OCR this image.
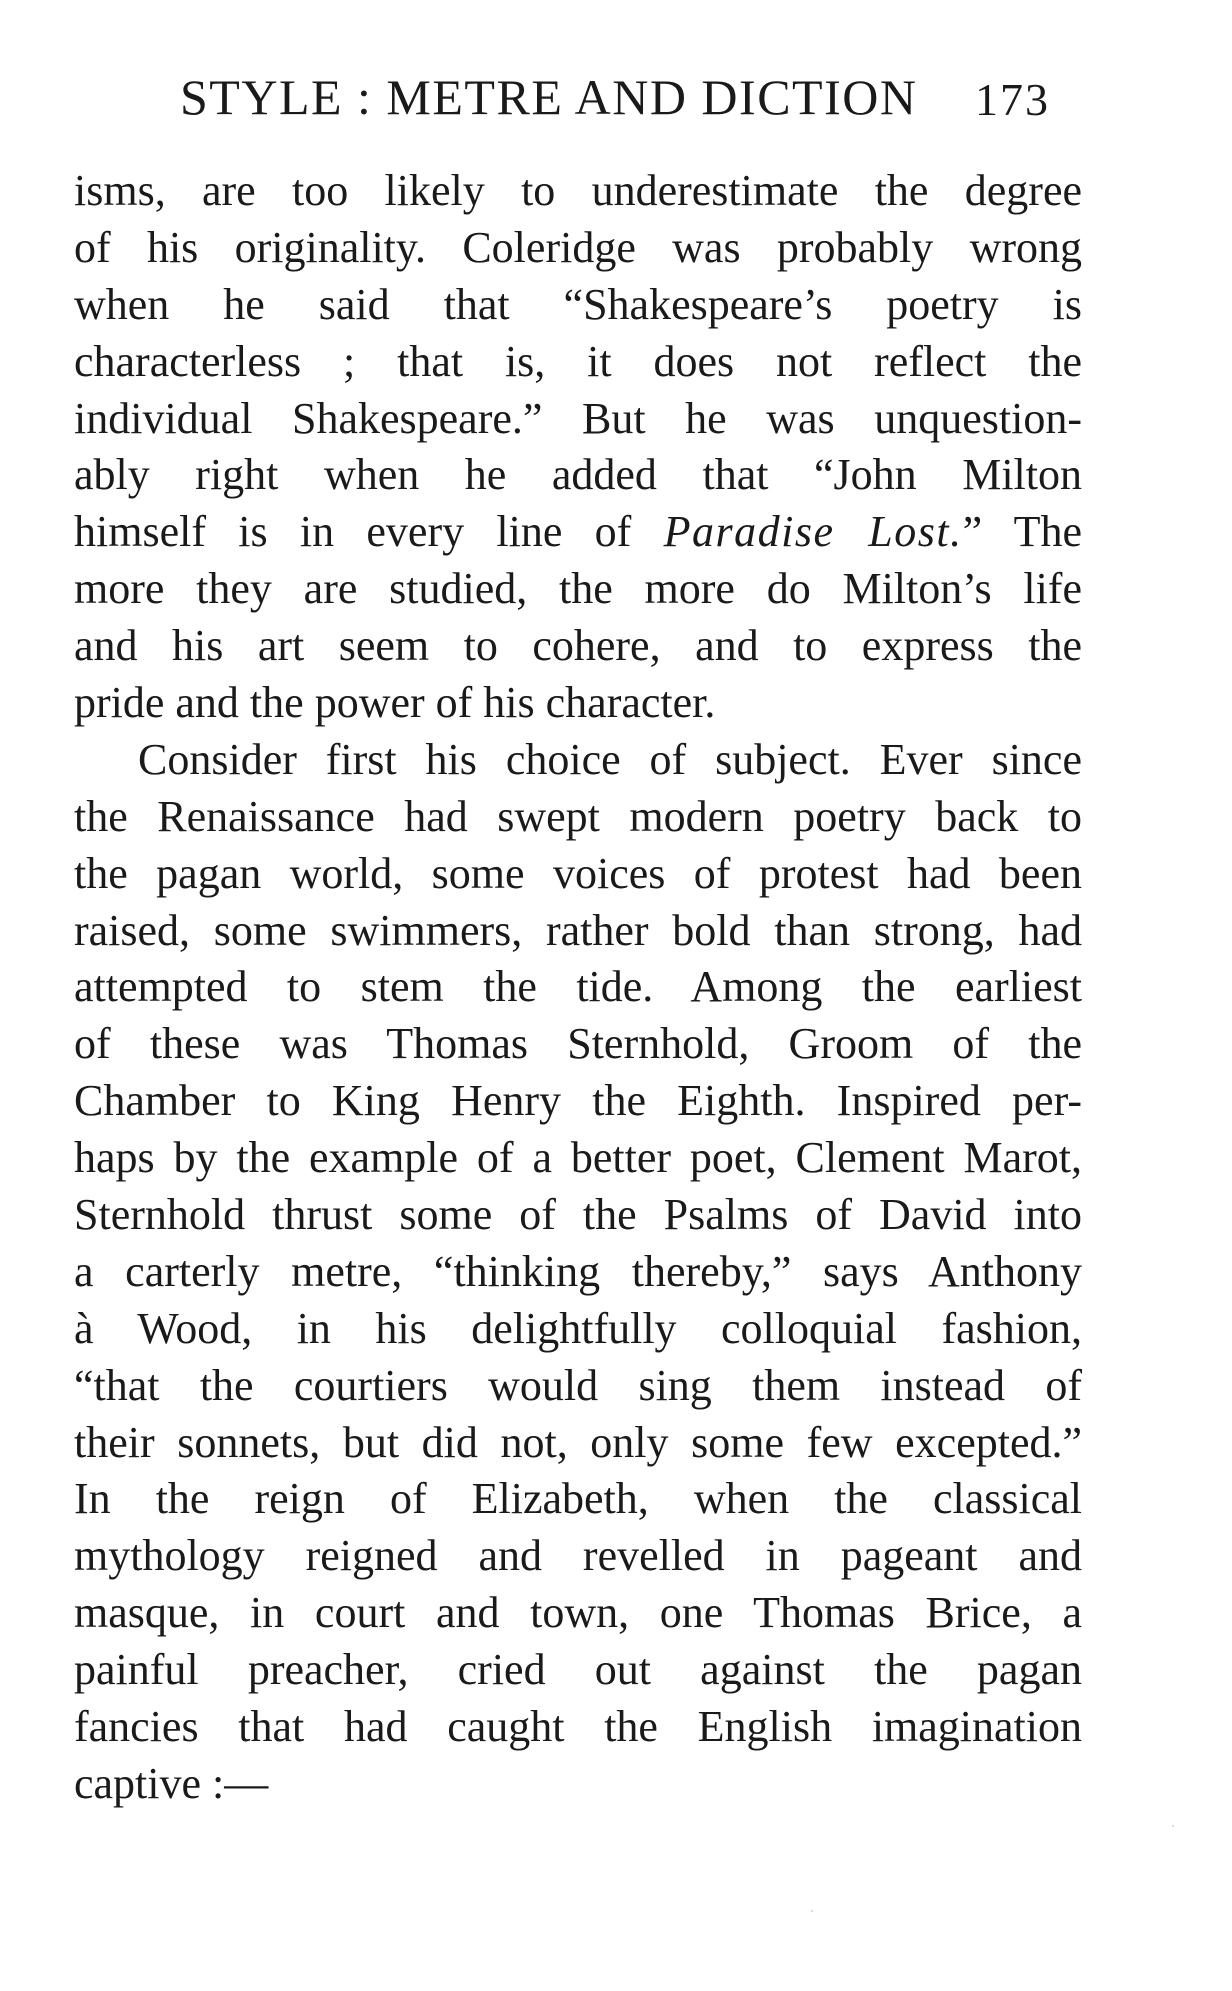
STYLE : METRE AND DICTION 173
isms, are too likely to underestimate the degree
of his originality. Coleridge was probably wrong
when he said that “Shakespeare’s poetry is
characterless ; that is, it does not reflect the
individual Shakespeare.” But he was unquestion-
ably right when he added that “John Milton
himself is in every line of Paradise Lost.” The
more they are studied, the more do Milton’s life
and his art seem to cohere, and to express the
pride and the power of his character.
Consider first his choice of subject. Ever since
the Renaissance had swept modern poetry back to
the pagan world, some voices of protest had been
raised, some swimmers, rather bold than strong, had
attempted to stem the tide. Among the earliest
of these was Thomas Sternhold, Groom of the
Chamber to King Henry the Eighth. Inspired per-
haps by the example of a better poet, Clement Marot,
Sternhold thrust some of the Psalms of David into
a carterly metre, “thinking thereby,” says Anthony
à Wood, in his delightfully colloquial fashion,
“that the courtiers would sing them instead of
their sonnets, but did not, only some few excepted.”
In the reign of Elizabeth, when the classical
mythology reigned and revelled in pageant and
masque, in court and town, one Thomas Brice, a
painful preacher, cried out against the pagan
fancies that had caught the English imagination
captive :—
